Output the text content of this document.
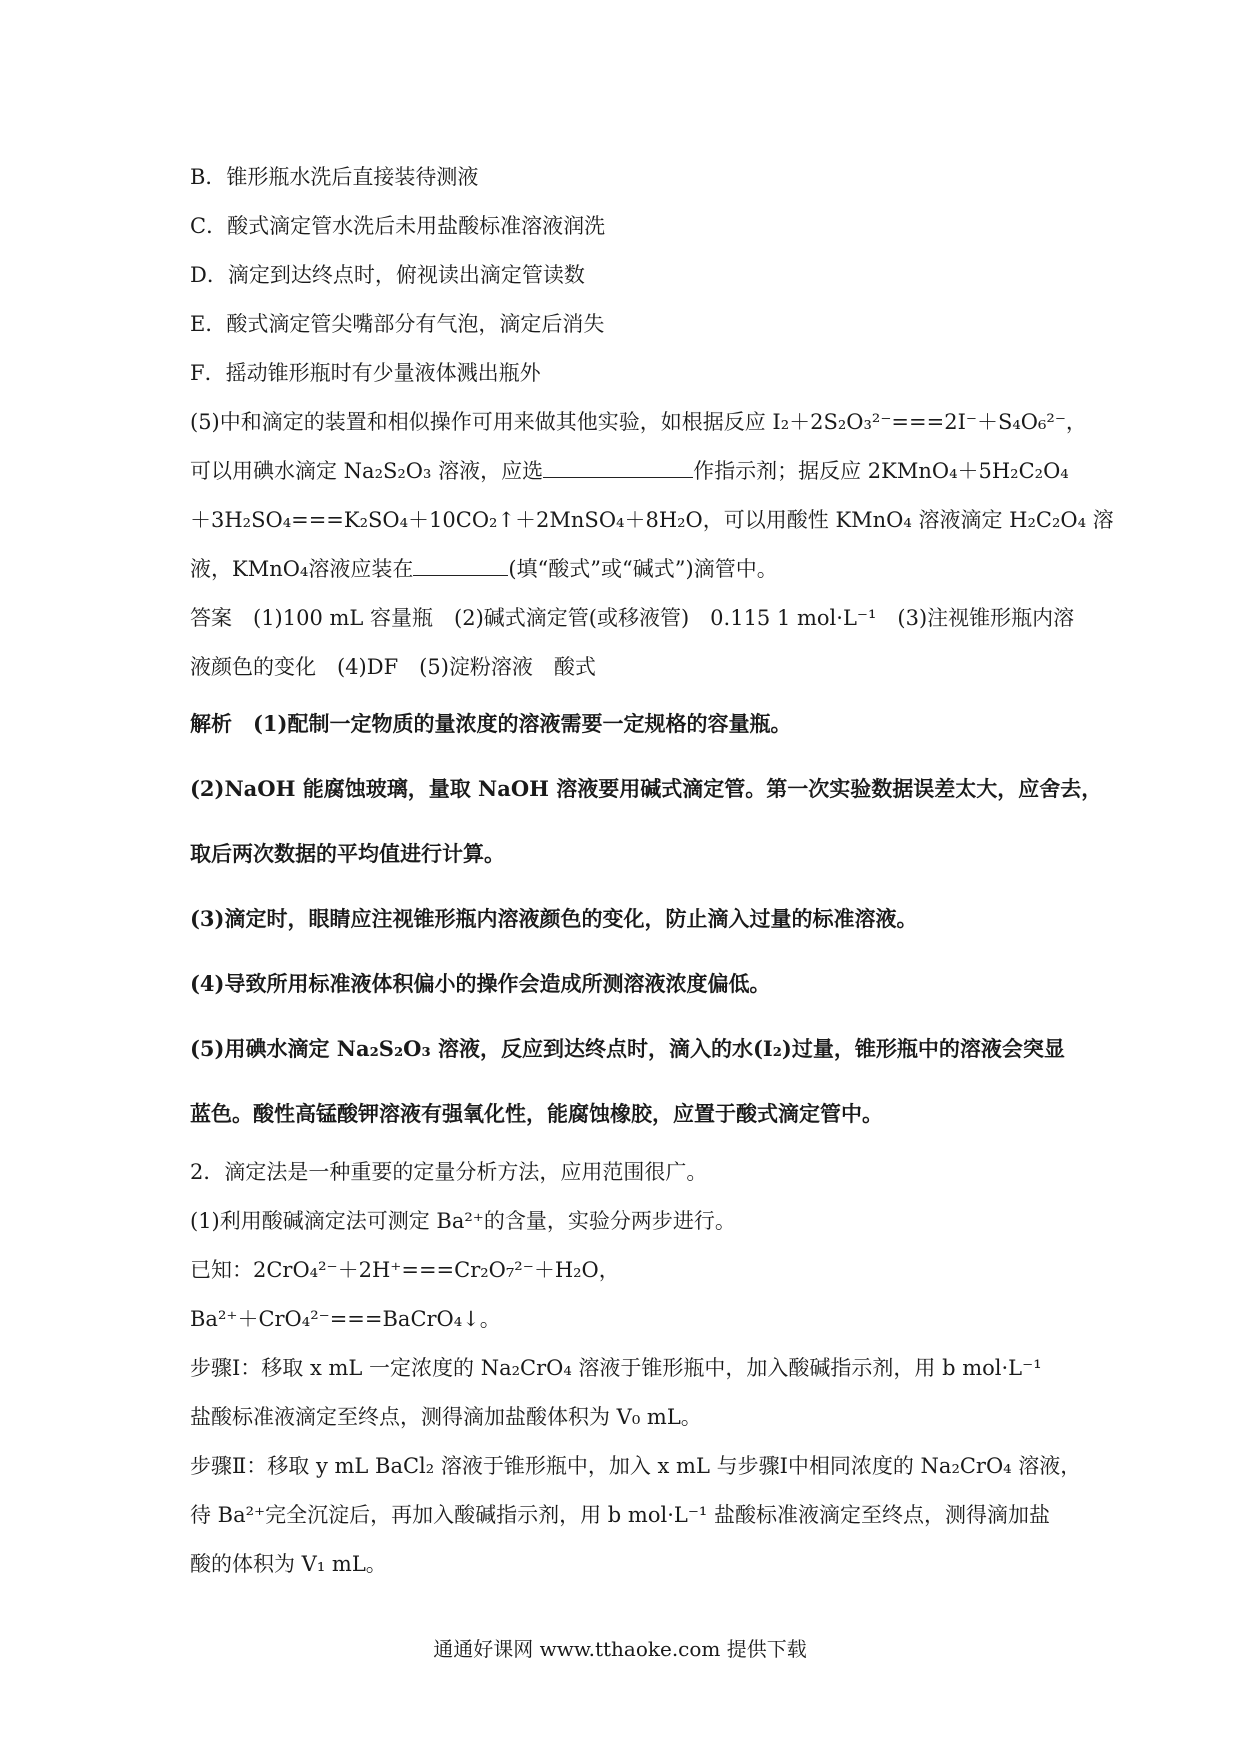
B．锥形瓶水洗后直接装待测液
C．酸式滴定管水洗后未用盐酸标准溶液润洗
D．滴定到达终点时，俯视读出滴定管读数
E．酸式滴定管尖嘴部分有气泡，滴定后消失
F．摇动锥形瓶时有少量液体溅出瓶外
(5)中和滴定的装置和相似操作可用来做其他实验，如根据反应 I₂＋2S₂O₃²⁻===2I⁻＋S₄O₆²⁻，
可以用碘水滴定 Na₂S₂O₃ 溶液，应选	作指示剂；据反应 2KMnO₄＋5H₂C₂O₄
＋3H₂SO₄===K₂SO₄＋10CO₂↑＋2MnSO₄＋8H₂O，可以用酸性 KMnO₄ 溶液滴定 H₂C₂O₄ 溶
液，KMnO₄溶液应装在	(填“酸式”或“碱式”)滴管中。
答案　(1)100 mL 容量瓶　(2)碱式滴定管(或移液管)　0.115 1 mol·L⁻¹　(3)注视锥形瓶内溶
液颜色的变化　(4)DF　(5)淀粉溶液　酸式
解析　(1)配制一定物质的量浓度的溶液需要一定规格的容量瓶。
(2)NaOH 能腐蚀玻璃，量取 NaOH 溶液要用碱式滴定管。第一次实验数据误差太大，应舍去，
取后两次数据的平均值进行计算。
(3)滴定时，眼睛应注视锥形瓶内溶液颜色的变化，防止滴入过量的标准溶液。
(4)导致所用标准液体积偏小的操作会造成所测溶液浓度偏低。
(5)用碘水滴定 Na₂S₂O₃ 溶液，反应到达终点时，滴入的水(I₂)过量，锥形瓶中的溶液会突显
蓝色。酸性高锰酸钾溶液有强氧化性，能腐蚀橡胶，应置于酸式滴定管中。
2．滴定法是一种重要的定量分析方法，应用范围很广。
(1)利用酸碱滴定法可测定 Ba²⁺的含量，实验分两步进行。
已知：2CrO₄²⁻＋2H⁺===Cr₂O₇²⁻＋H₂O，
Ba²⁺＋CrO₄²⁻===BaCrO₄↓。
步骤Ⅰ：移取 x mL 一定浓度的 Na₂CrO₄ 溶液于锥形瓶中，加入酸碱指示剂，用 b mol·L⁻¹
盐酸标准液滴定至终点，测得滴加盐酸体积为 V₀ mL。
步骤Ⅱ：移取 y mL BaCl₂ 溶液于锥形瓶中，加入 x mL 与步骤Ⅰ中相同浓度的 Na₂CrO₄ 溶液，
待 Ba²⁺完全沉淀后，再加入酸碱指示剂，用 b mol·L⁻¹ 盐酸标准液滴定至终点，测得滴加盐
酸的体积为 V₁ mL。
通通好课网 www.tthaoke.com 提供下载
